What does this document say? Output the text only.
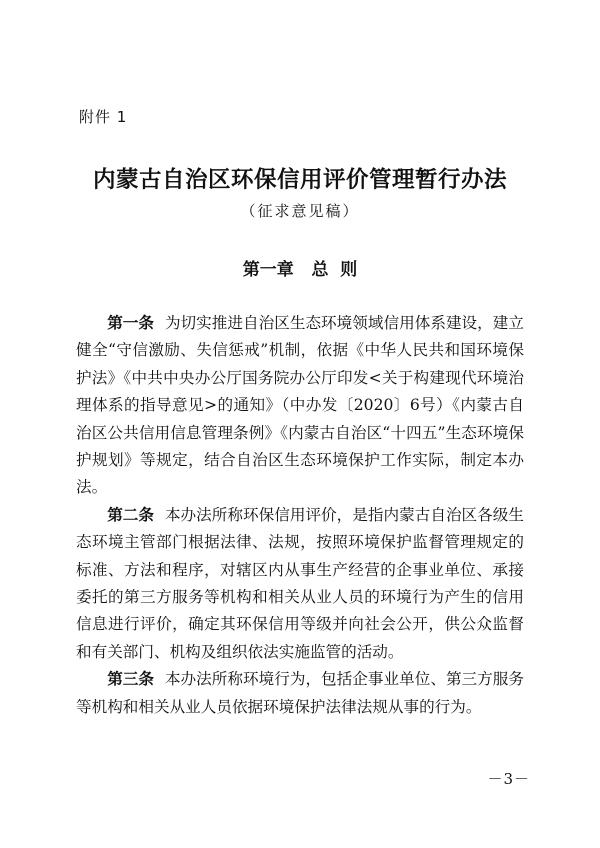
附件 1
内蒙古自治区环保信用评价管理暂行办法
（征求意见稿）
第一章   总  则

第一条 为切实推进自治区生态环境领域信用体系建设，建立健全“守信激励、失信惩戒”机制，依据《中华人民共和国环境保护法》《中共中央办公厅国务院办公厅印发<关于构建现代环境治理体系的指导意见>的通知》（中办发〔2020〕6号）《内蒙古自治区公共信用信息管理条例》《内蒙古自治区“十四五”生态环境保护规划》等规定，结合自治区生态环境保护工作实际，制定本办法。

第二条 本办法所称环保信用评价，是指内蒙古自治区各级生态环境主管部门根据法律、法规，按照环境保护监督管理规定的标准、方法和程序，对辖区内从事生产经营的企事业单位、承接委托的第三方服务等机构和相关从业人员的环境行为产生的信用信息进行评价，确定其环保信用等级并向社会公开，供公众监督和有关部门、机构及组织依法实施监管的活动。

第三条 本办法所称环境行为，包括企事业单位、第三方服务等机构和相关从业人员依据环境保护法律法规从事的行为。

－3－
